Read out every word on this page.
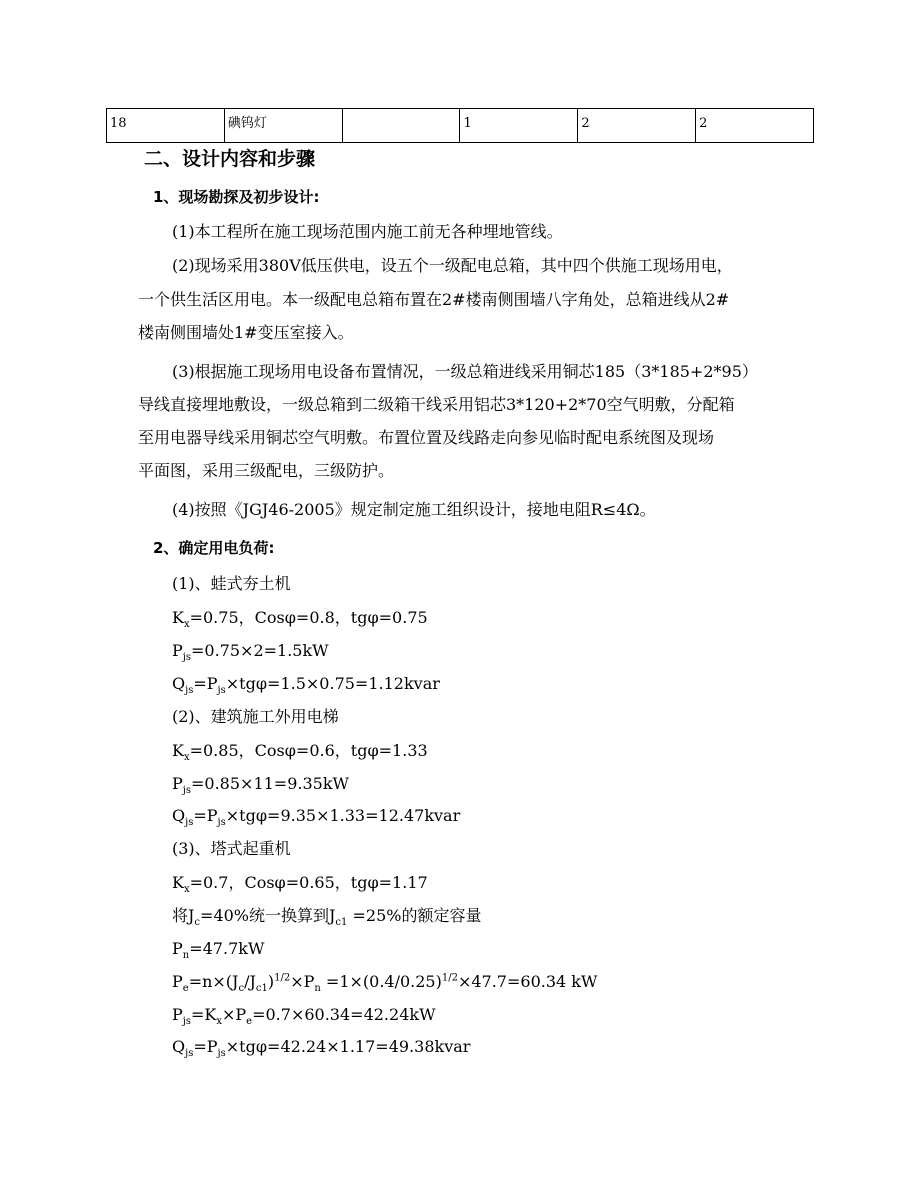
18	碘钨灯		1	2	2
二、设计内容和步骤
1、现场勘探及初步设计:
(1)本工程所在施工现场范围内施工前无各种埋地管线。
(2)现场采用380V低压供电，设五个一级配电总箱，其中四个供施工现场用电，
一个供生活区用电。本一级配电总箱布置在2#楼南侧围墙八字角处，总箱进线从2#
楼南侧围墙处1#变压室接入。
(3)根据施工现场用电设备布置情况，一级总箱进线采用铜芯185（3*185+2*95）
导线直接埋地敷设，一级总箱到二级箱干线采用铝芯3*120+2*70空气明敷，分配箱
至用电器导线采用铜芯空气明敷。布置位置及线路走向参见临时配电系统图及现场
平面图，采用三级配电，三级防护。
(4)按照《JGJ46-2005》规定制定施工组织设计，接地电阻R≤4Ω。
2、确定用电负荷:
(1)、蛙式夯土机
$K_x=0.75$，Cosφ=0.8，tgφ=0.75
$P_{js}=0.75\times 2=1.5kW$
$Q_{js}=P_{js}\times tg\varphi=1.5\times 0.75=1.12kvar$
(2)、建筑施工外用电梯
$K_x=0.85$，Cosφ=0.6，tgφ=1.33
$P_{js}=0.85\times 11=9.35kW$
$Q_{js}=P_{js}\times tg\varphi=9.35\times 1.33=12.47kvar$
(3)、塔式起重机
$K_x=0.7$，Cosφ=0.65，tgφ=1.17
将$J_c=40\%$统一换算到$J_{c1} =25\%$的额定容量
$P_n=47.7kW$
$P_e=n\times(J_c/J_{c1})^{1/2}\times P_n =1\times(0.4/0.25)^{1/2}\times 47.7=60.34$ kW
$P_{js}=K_x\times P_e=0.7\times 60.34=42.24kW$
$Q_{js}=P_{js}\times tg\varphi=42.24\times 1.17=49.38kvar$
